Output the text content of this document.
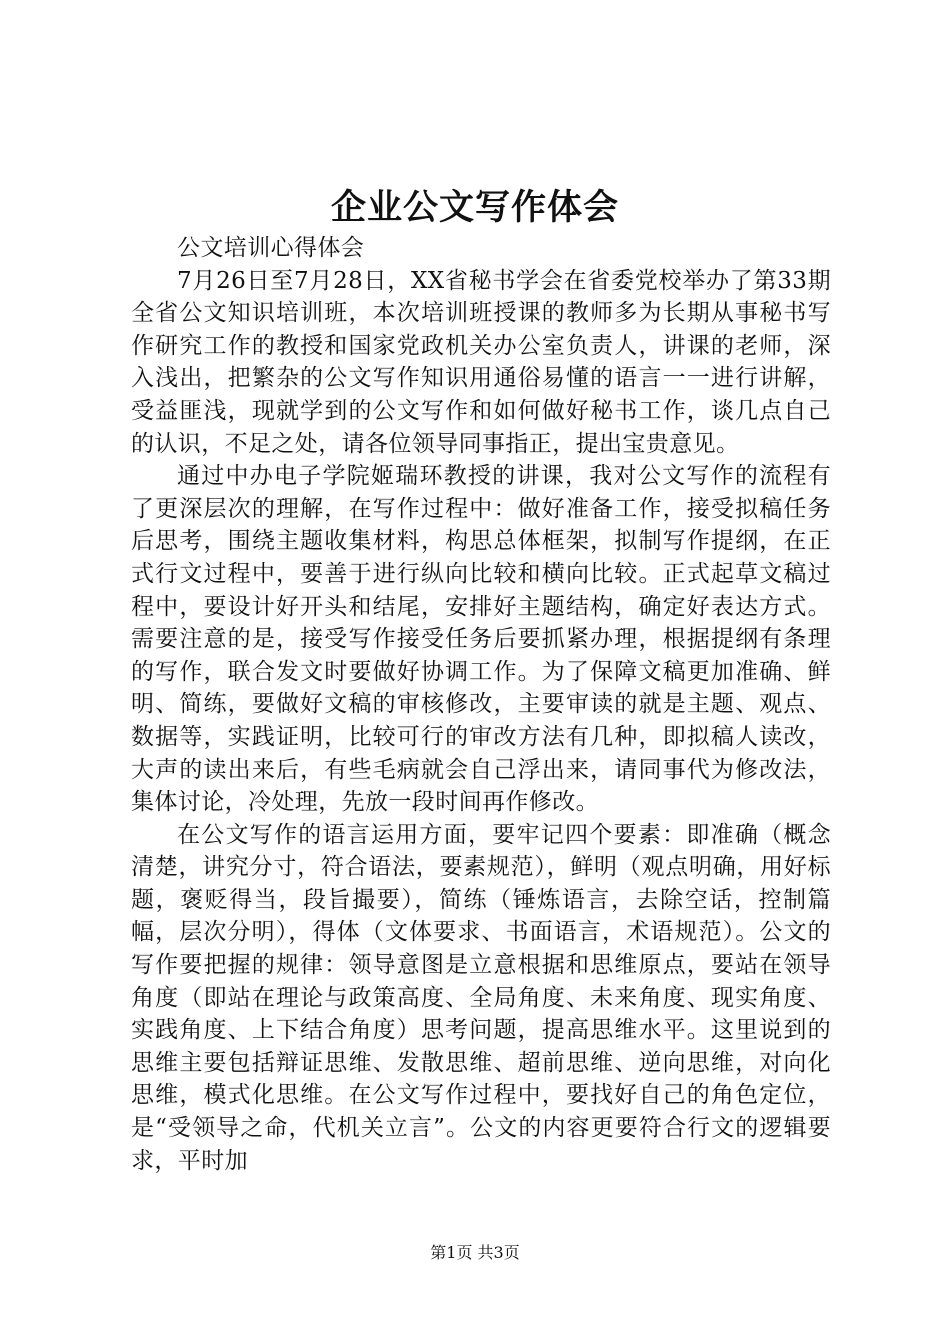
企业公文写作体会

公文培训心得体会

7月26日至7月28日，XX省秘书学会在省委党校举办了第33期全省公文知识培训班，本次培训班授课的教师多为长期从事秘书写作研究工作的教授和国家党政机关办公室负责人，讲课的老师，深入浅出，把繁杂的公文写作知识用通俗易懂的语言一一进行讲解，受益匪浅，现就学到的公文写作和如何做好秘书工作，谈几点自己的认识，不足之处，请各位领导同事指正，提出宝贵意见。

通过中办电子学院姬瑞环教授的讲课，我对公文写作的流程有了更深层次的理解，在写作过程中：做好准备工作，接受拟稿任务后思考，围绕主题收集材料，构思总体框架，拟制写作提纲，在正式行文过程中，要善于进行纵向比较和横向比较。正式起草文稿过程中，要设计好开头和结尾，安排好主题结构，确定好表达方式。需要注意的是，接受写作接受任务后要抓紧办理，根据提纲有条理的写作，联合发文时要做好协调工作。为了保障文稿更加准确、鲜明、简练，要做好文稿的审核修改，主要审读的就是主题、观点、数据等，实践证明，比较可行的审改方法有几种，即拟稿人读改，大声的读出来后，有些毛病就会自己浮出来，请同事代为修改法，集体讨论，冷处理，先放一段时间再作修改。

在公文写作的语言运用方面，要牢记四个要素：即准确（概念清楚，讲究分寸，符合语法，要素规范），鲜明（观点明确，用好标题，褒贬得当，段旨撮要），简练（锤炼语言，去除空话，控制篇幅，层次分明），得体（文体要求、书面语言，术语规范）。公文的写作要把握的规律：领导意图是立意根据和思维原点，要站在领导角度（即站在理论与政策高度、全局角度、未来角度、现实角度、实践角度、上下结合角度）思考问题，提高思维水平。这里说到的思维主要包括辩证思维、发散思维、超前思维、逆向思维，对向化思维，模式化思维。在公文写作过程中，要找好自己的角色定位，是“受领导之命，代机关立言”。公文的内容更要符合行文的逻辑要求，平时加

第1页 共3页
